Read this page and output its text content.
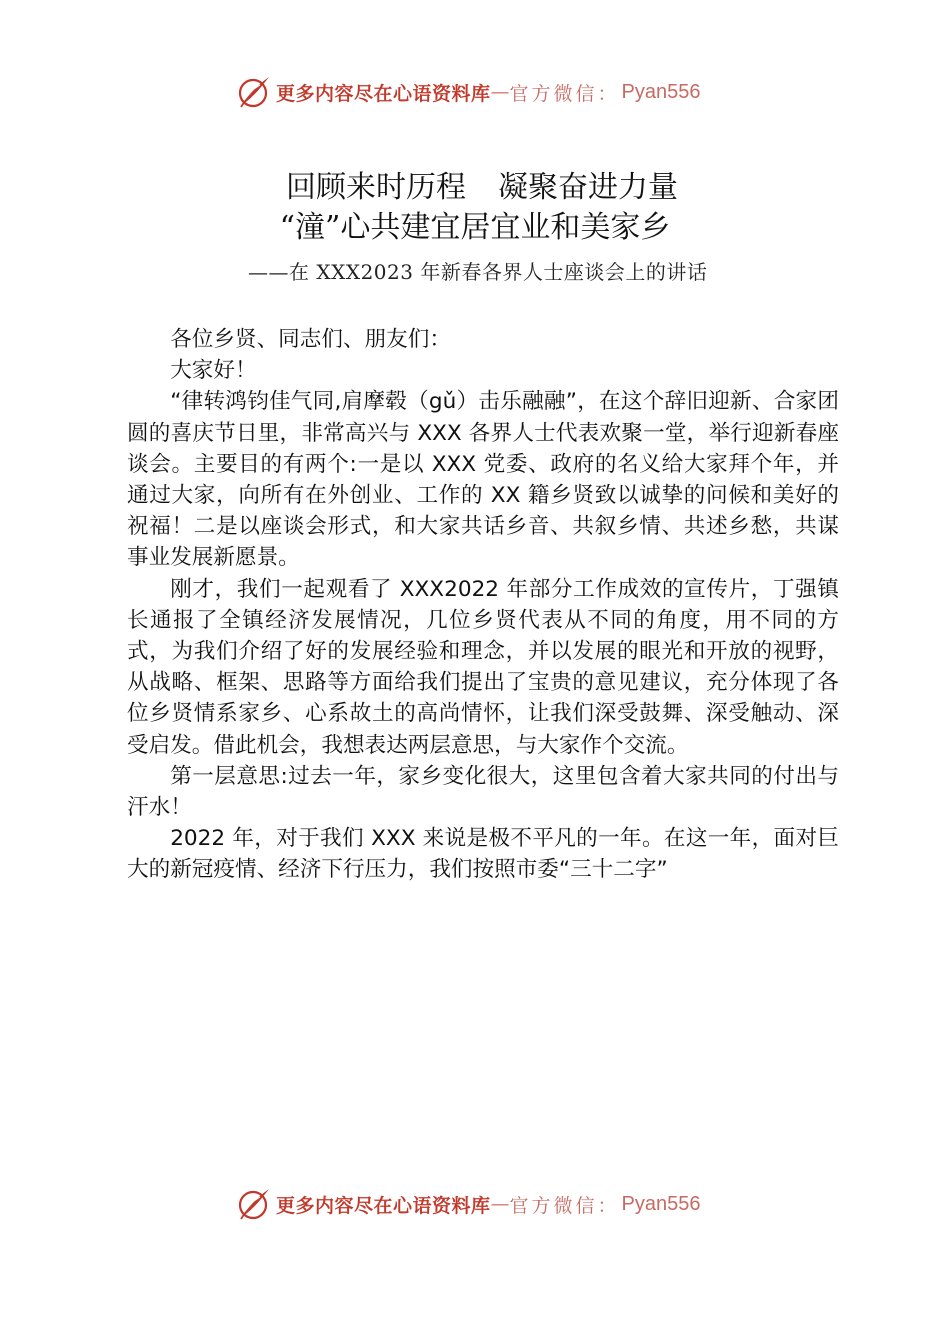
更多内容尽在心语资料库 — 官方微信： Pyan556
回顾来时历程 凝聚奋进力量
“潼”心共建宜居宜业和美家乡
——在 XXX2023 年新春各界人士座谈会上的讲话

各位乡贤、同志们、朋友们：

大家好！

“律转鸿钧佳气同,肩摩毂（gǔ）击乐融融”，在这个辞旧迎新、合家团圆的喜庆节日里，非常高兴与 XXX 各界人士代表欢聚一堂，举行迎新春座谈会。主要目的有两个:一是以 XXX 党委、政府的名义给大家拜个年，并通过大家，向所有在外创业、工作的 XX 籍乡贤致以诚挚的问候和美好的祝福！二是以座谈会形式，和大家共话乡音、共叙乡情、共述乡愁，共谋事业发展新愿景。

刚才，我们一起观看了 XXX2022 年部分工作成效的宣传片，丁强镇长通报了全镇经济发展情况，几位乡贤代表从不同的角度，用不同的方式，为我们介绍了好的发展经验和理念，并以发展的眼光和开放的视野，从战略、框架、思路等方面给我们提出了宝贵的意见建议，充分体现了各位乡贤情系家乡、心系故土的高尚情怀，让我们深受鼓舞、深受触动、深受启发。借此机会，我想表达两层意思，与大家作个交流。

第一层意思:过去一年，家乡变化很大，这里包含着大家共同的付出与汗水！

2022 年，对于我们 XXX 来说是极不平凡的一年。在这一年，面对巨大的新冠疫情、经济下行压力，我们按照市委“三十二字”

更多内容尽在心语资料库 — 官方微信： Pyan556
